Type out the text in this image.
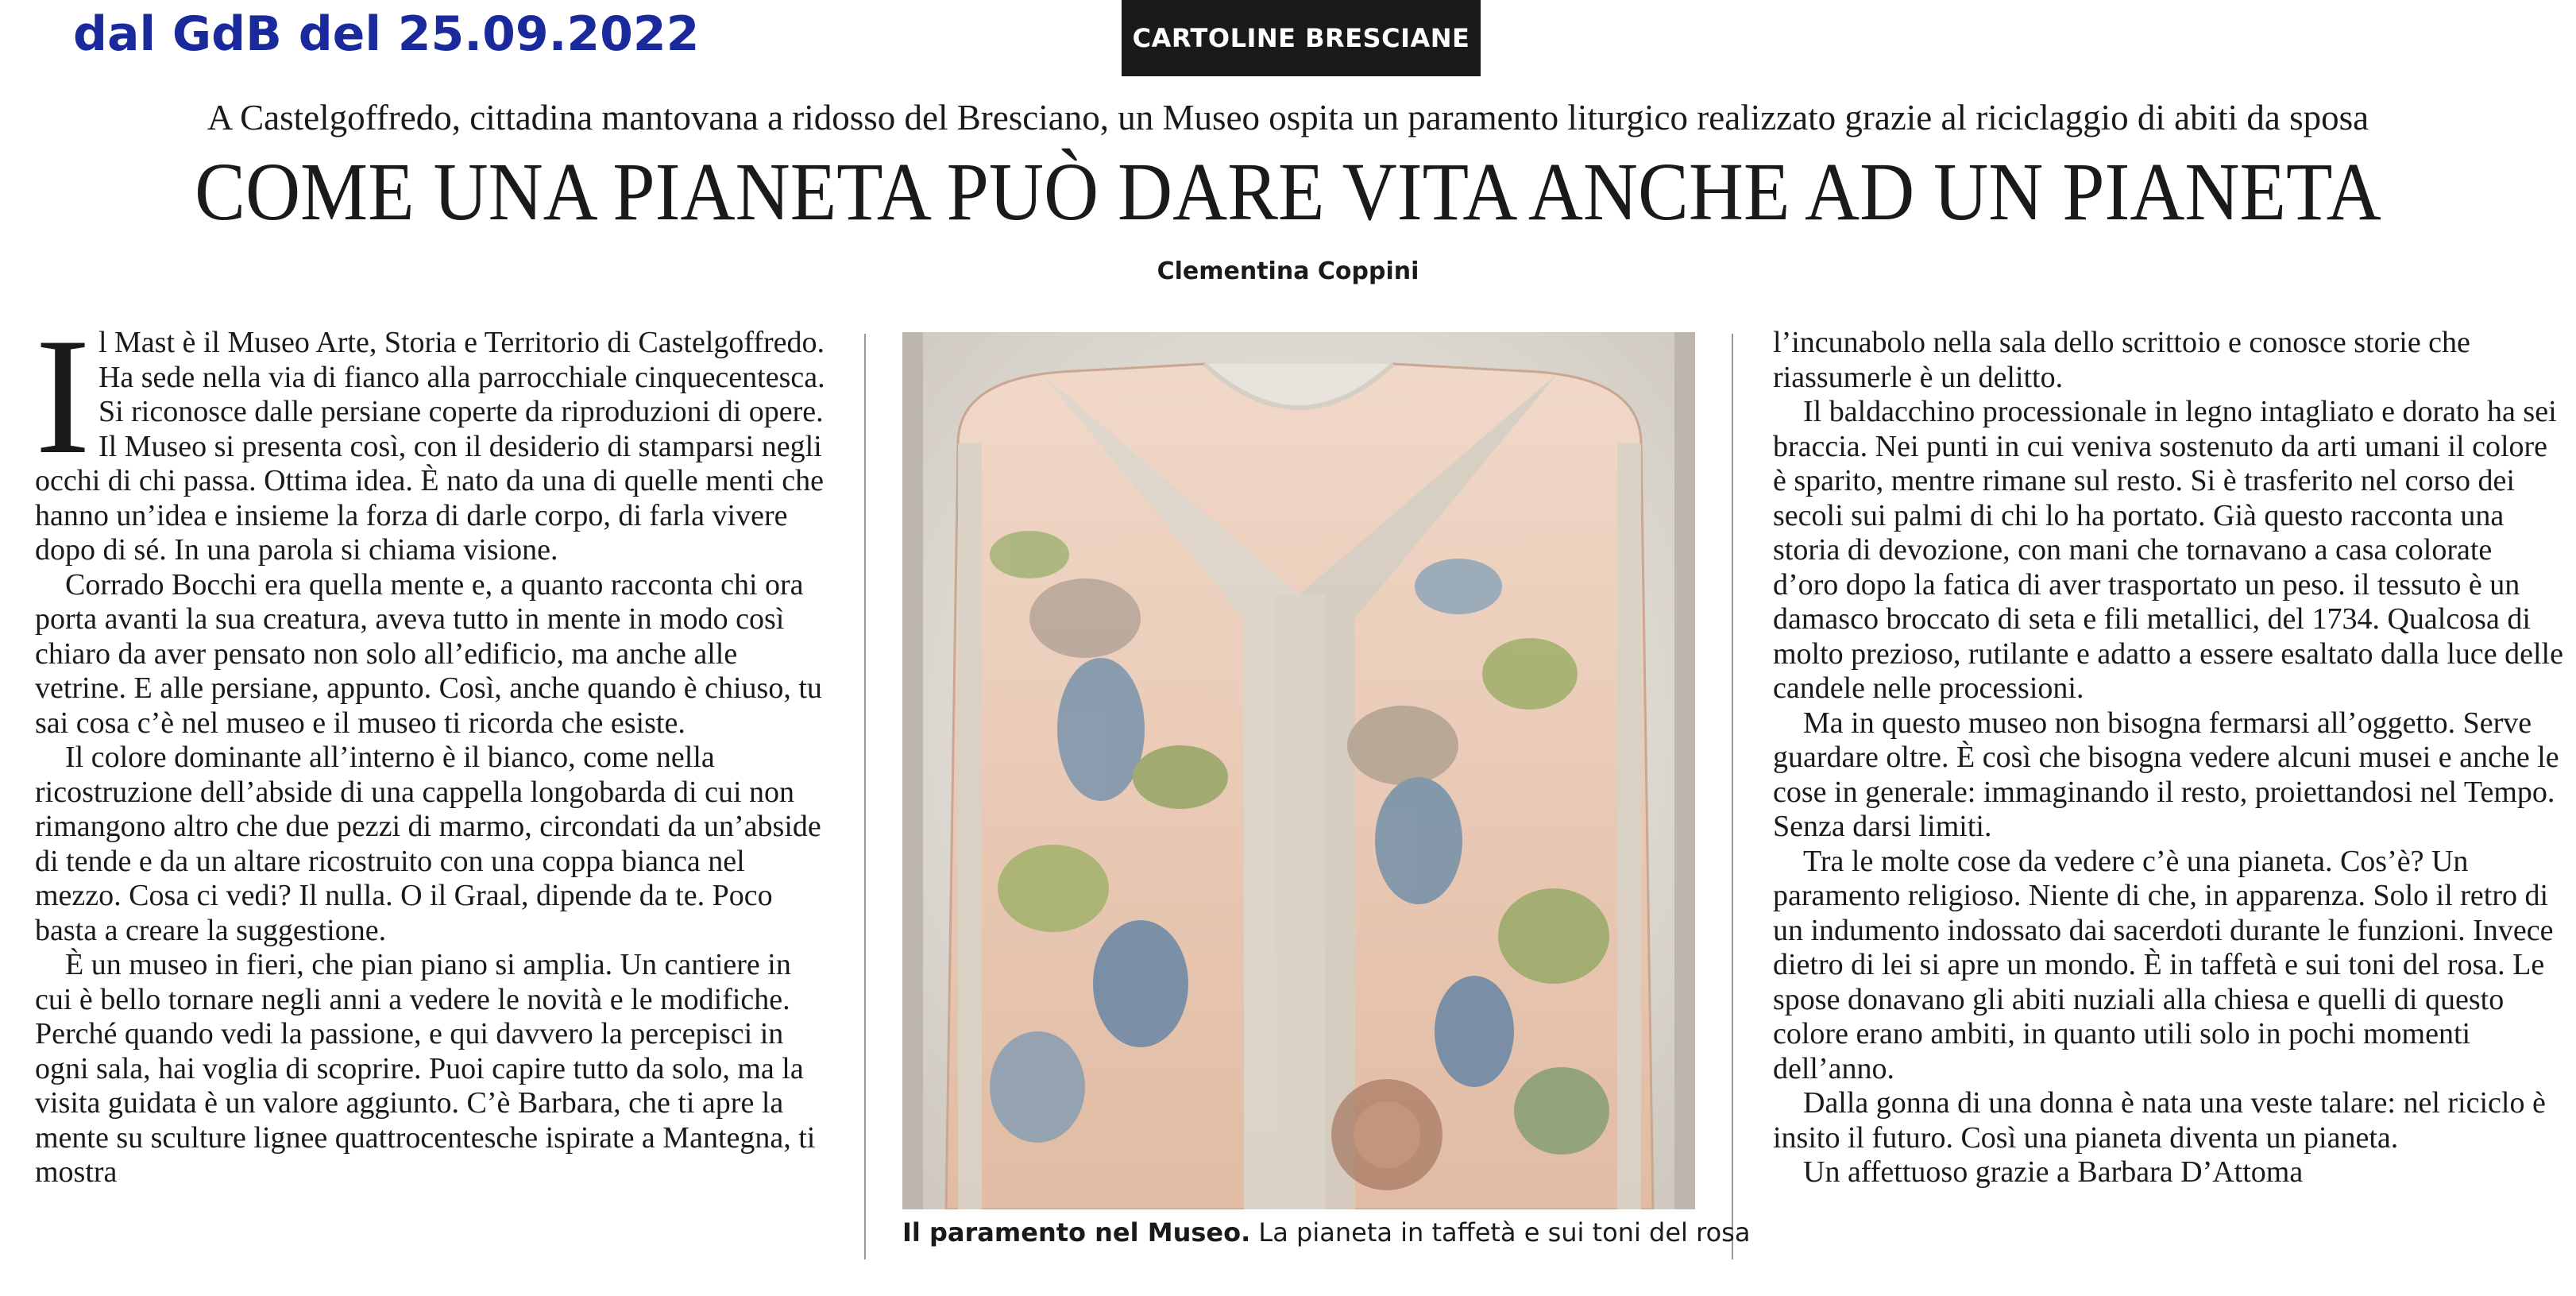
dal GdB del 25.09.2022	CARTOLINE BRESCIANE
A Castelgoffredo, cittadina mantovana a ridosso del Bresciano, un Museo ospita un paramento liturgico realizzato grazie al riciclaggio di abiti da sposa
COME UNA PIANETA PUÒ DARE VITA ANCHE AD UN PIANETA
Clementina Coppini

Il Mast è il Museo Arte, Storia e Territorio di Castelgoffredo. Ha sede nella via di fianco alla parrocchiale cinquecentesca. Si riconosce dalle persiane coperte da riproduzioni di opere. Il Museo si presenta così, con il desiderio di stamparsi negli occhi di chi passa. Ottima idea. È nato da una di quelle menti che hanno un’idea e insieme la forza di darle corpo, di farla vivere dopo di sé. In una parola si chiama visione.

Corrado Bocchi era quella mente e, a quanto racconta chi ora porta avanti la sua creatura, aveva tutto in mente in modo così chiaro da aver pensato non solo all’edificio, ma anche alle vetrine. E alle persiane, appunto. Così, anche quando è chiuso, tu sai cosa c’è nel museo e il museo ti ricorda che esiste.

Il colore dominante all’interno è il bianco, come nella ricostruzione dell’abside di una cappella longobarda di cui non rimangono altro che due pezzi di marmo, circondati da un’abside di tende e da un altare ricostruito con una coppa bianca nel mezzo. Cosa ci vedi? Il nulla. O il Graal, dipende da te. Poco basta a creare la suggestione.

È un museo in fieri, che pian piano si amplia. Un cantiere in cui è bello tornare negli anni a vedere le novità e le modifiche. Perché quando vedi la passione, e qui davvero la percepisci in ogni sala, hai voglia di scoprire. Puoi capire tutto da solo, ma la visita guidata è un valore aggiunto. C’è Barbara, che ti apre la mente su sculture lignee quattrocentesche ispirate a Mantegna, ti mostra

Il paramento nel Museo. La pianeta in taffetà e sui toni del rosa

l’incunabolo nella sala dello scrittoio e conosce storie che riassumerle è un delitto.

Il baldacchino processionale in legno intagliato e dorato ha sei braccia. Nei punti in cui veniva sostenuto da arti umani il colore è sparito, mentre rimane sul resto. Si è trasferito nel corso dei secoli sui palmi di chi lo ha portato. Già questo racconta una storia di devozione, con mani che tornavano a casa colorate d’oro dopo la fatica di aver trasportato un peso. il tessuto è un damasco broccato di seta e fili metallici, del 1734. Qualcosa di molto prezioso, rutilante e adatto a essere esaltato dalla luce delle candele nelle processioni.

Ma in questo museo non bisogna fermarsi all’oggetto. Serve guardare oltre. È così che bisogna vedere alcuni musei e anche le cose in generale: immaginando il resto, proiettandosi nel Tempo. Senza darsi limiti.

Tra le molte cose da vedere c’è una pianeta. Cos’è? Un paramento religioso. Niente di che, in apparenza. Solo il retro di un indumento indossato dai sacerdoti durante le funzioni. Invece dietro di lei si apre un mondo. È in taffetà e sui toni del rosa. Le spose donavano gli abiti nuziali alla chiesa e quelli di questo colore erano ambiti, in quanto utili solo in pochi momenti dell’anno.

Dalla gonna di una donna è nata una veste talare: nel riciclo è insito il futuro. Così una pianeta diventa un pianeta.

Un affettuoso grazie a Barbara D’Attoma
